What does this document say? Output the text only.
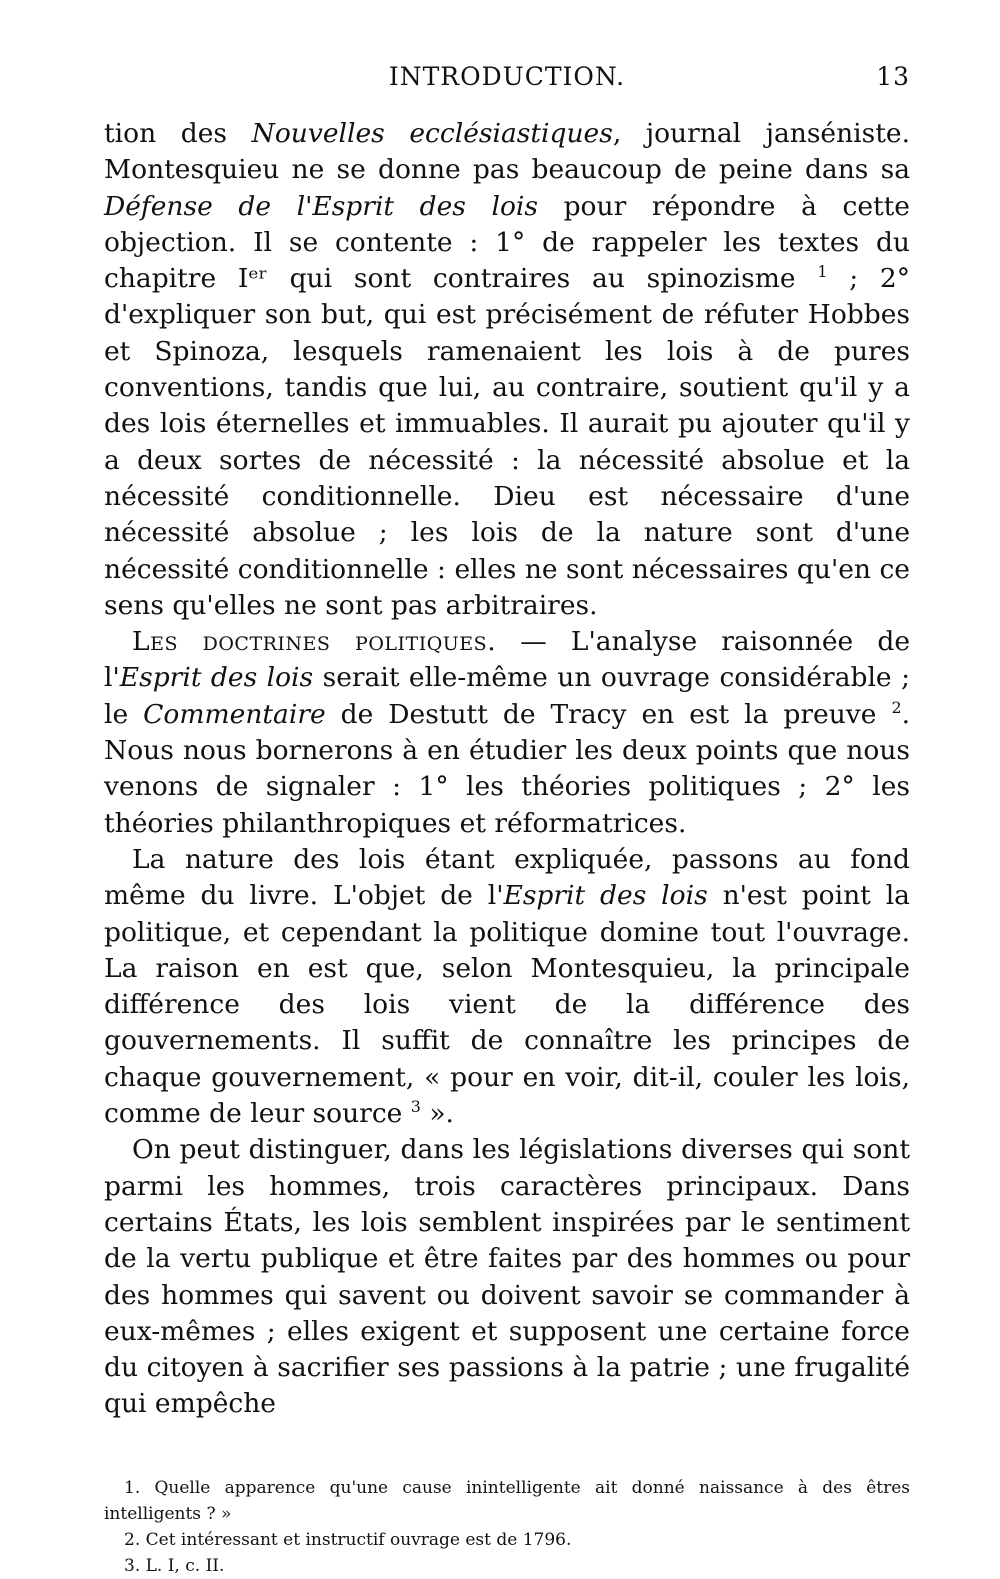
INTRODUCTION.	13

tion des Nouvelles ecclésiastiques, journal janséniste. Montesquieu ne se donne pas beaucoup de peine dans sa Défense de l'Esprit des lois pour répondre à cette objection. Il se contente : 1° de rappeler les textes du chapitre Iᵉʳ qui sont contraires au spinozisme $^1$ ; 2° d'expliquer son but, qui est précisément de réfuter Hobbes et Spinoza, lesquels ramenaient les lois à de pures conventions, tandis que lui, au contraire, soutient qu'il y a des lois éternelles et immuables. Il aurait pu ajouter qu'il y a deux sortes de nécessité : la nécessité absolue et la nécessité conditionnelle. Dieu est nécessaire d'une nécessité absolue ; les lois de la nature sont d'une nécessité conditionnelle : elles ne sont nécessaires qu'en ce sens qu'elles ne sont pas arbitraires.

Les doctrines politiques. — L'analyse raisonnée de l'Esprit des lois serait elle-même un ouvrage considérable ; le Commentaire de Destutt de Tracy en est la preuve $^2$. Nous nous bornerons à en étudier les deux points que nous venons de signaler : 1° les théories politiques ; 2° les théories philanthropiques et réformatrices.

La nature des lois étant expliquée, passons au fond même du livre. L'objet de l'Esprit des lois n'est point la politique, et cependant la politique domine tout l'ouvrage. La raison en est que, selon Montesquieu, la principale différence des lois vient de la différence des gouvernements. Il suffit de connaître les principes de chaque gouvernement, « pour en voir, dit-il, couler les lois, comme de leur source $^3$ ».

On peut distinguer, dans les législations diverses qui sont parmi les hommes, trois caractères principaux. Dans certains États, les lois semblent inspirées par le sentiment de la vertu publique et être faites par des hommes ou pour des hommes qui savent ou doivent savoir se commander à eux-mêmes ; elles exigent et supposent une certaine force du citoyen à sacrifier ses passions à la patrie ; une frugalité qui empêche

1. Quelle apparence qu'une cause inintelligente ait donné naissance à des êtres intelligents ? »

2. Cet intéressant et instructif ouvrage est de 1796.

3. L. I, c. II.
